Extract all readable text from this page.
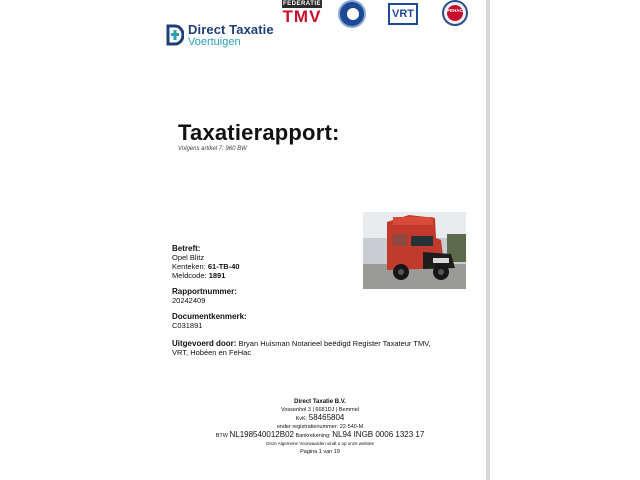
Direct Taxatie
Voertuigen
FEDERATIE
TMV	VRT	FEHAC
Taxatierapport:
Volgens artikel 7: 960 BW
Betreft:
Opel Blitz
Kenteken: 61-TB-40
Meldcode: 1891
Rapportnummer:
20242409
Documentkenmerk:
C031891
Uitgevoerd door: Bryan Huisman Notarieel beëdigd Register Taxateur TMV,
VRT, Hobéen en FeHac
Direct Taxatie B.V.
Vossenhol 3 | 6681DJ | Bemmel
KvK: 58465804
onder registratienummer: 22-540-M
BTW NL198540012B02 Bankrekening: NL94 INGB 0006 1323 17
Onze Algemene Voorwaarden vindt u op onze website
Pagina 1 van 19
